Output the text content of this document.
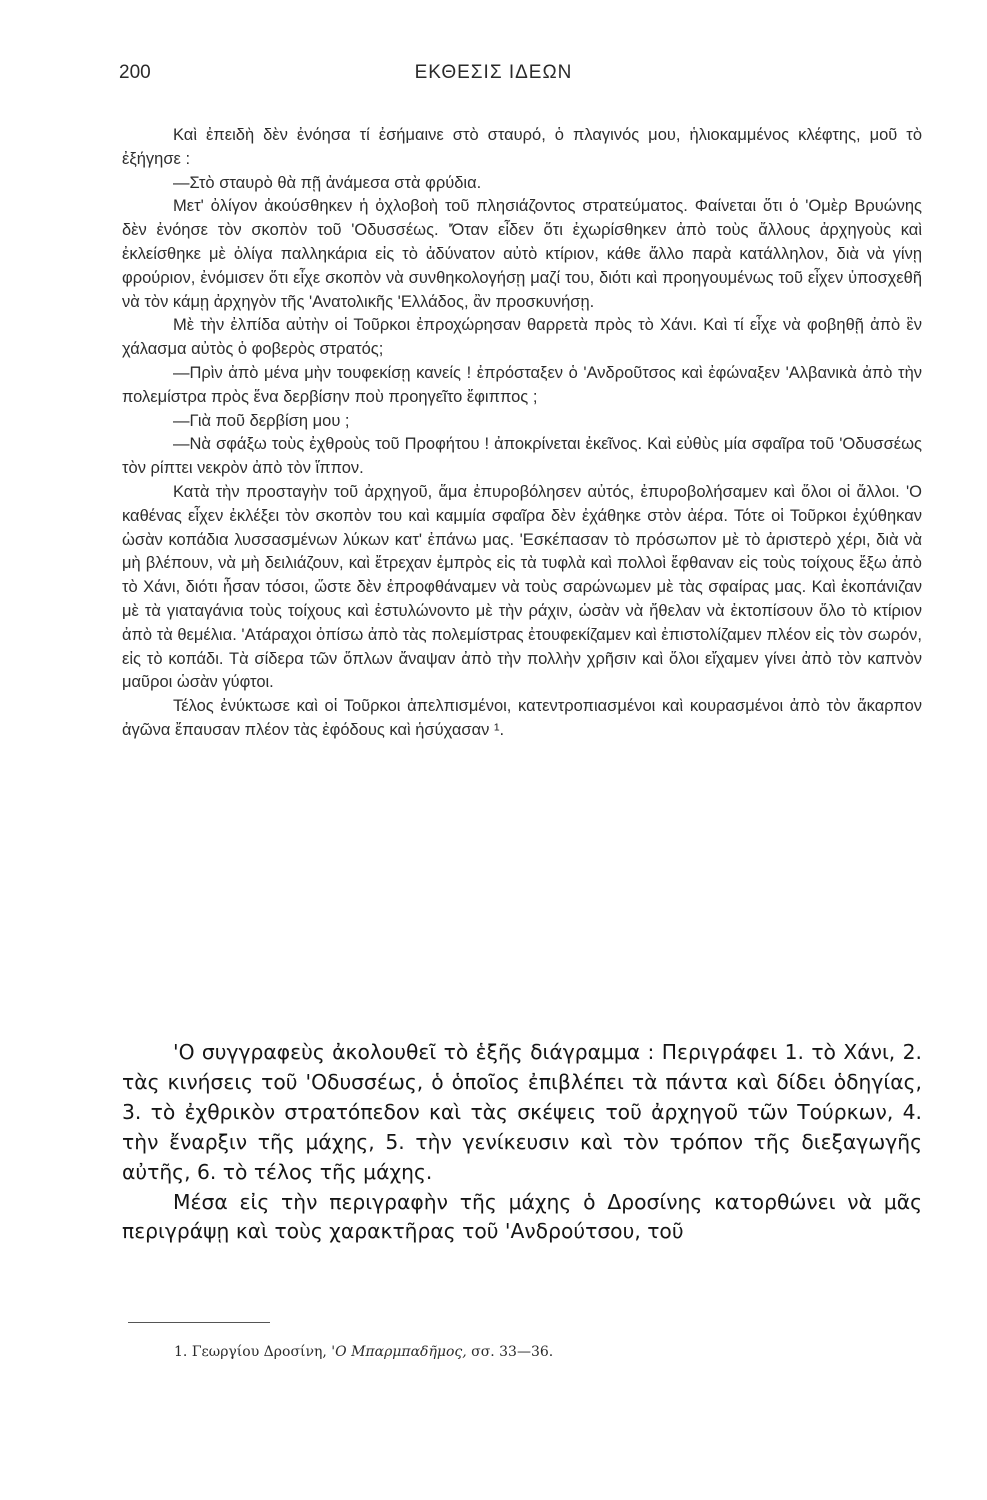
200	ΕΚΘΕΣΙΣ ΙΔΕΩΝ

Καὶ ἐπειδὴ δὲν ἐνόησα τί ἐσήμαινε στὸ σταυρό, ὁ πλαγινός μου, ἡλιοκαμμένος κλέφτης, μοῦ τὸ ἐξήγησε :

—Στὸ σταυρὸ θὰ πῇ ἀνάμεσα στὰ φρύδια.

Μετ' ὀλίγον ἀκούσθηκεν ἡ ὀχλοβοὴ τοῦ πλησιάζοντος στρατεύματος. Φαίνεται ὅτι ὁ 'Ομὲρ Βρυώνης δὲν ἐνόησε τὸν σκοπὸν τοῦ 'Οδυσσέως. 'Όταν εἶδεν ὅτι ἐχωρίσθηκεν ἀπὸ τοὺς ἄλλους ἀρχηγοὺς καὶ ἐκλείσθηκε μὲ ὀλίγα παλληκάρια εἰς τὸ ἀδύνατον αὐτὸ κτίριον, κάθε ἄλλο παρὰ κατάλληλον, διὰ νὰ γίνῃ φρούριον, ἐνόμισεν ὅτι εἶχε σκοπὸν νὰ συνθηκολογήσῃ μαζί του, διότι καὶ προηγουμένως τοῦ εἶχεν ὑποσχεθῆ νὰ τὸν κάμῃ ἀρχηγὸν τῆς 'Ανατολικῆς 'Ελλάδος, ἂν προσκυνήσῃ.

Μὲ τὴν ἐλπίδα αὐτὴν οἱ Τοῦρκοι ἐπροχώρησαν θαρρετὰ πρὸς τὸ Χάνι. Καὶ τί εἶχε νὰ φοβηθῇ ἀπὸ ἓν χάλασμα αὐτὸς ὁ φοβερὸς στρατός;

—Πρὶν ἀπὸ μένα μὴν τουφεκίσῃ κανείς ! ἐπρόσταξεν ὁ 'Ανδροῦτσος καὶ ἐφώναξεν 'Αλβανικὰ ἀπὸ τὴν πολεμίστρα πρὸς ἕνα δερβίσην ποὺ προηγεῖτο ἔφιππος ;

—Γιὰ ποῦ δερβίση μου ;

—Νὰ σφάξω τοὺς ἐχθροὺς τοῦ Προφήτου ! ἀποκρίνεται ἐκεῖνος. Καὶ εὐθὺς μία σφαῖρα τοῦ 'Οδυσσέως τὸν ρίπτει νεκρὸν ἀπὸ τὸν ἵππον.

Κατὰ τὴν προσταγὴν τοῦ ἀρχηγοῦ, ἅμα ἐπυροβόλησεν αὐτός, ἐπυροβολήσαμεν καὶ ὅλοι οἱ ἄλλοι. 'Ο καθένας εἶχεν ἐκλέξει τὸν σκοπὸν του καὶ καμμία σφαῖρα δὲν ἐχάθηκε στὸν ἀέρα. Τότε οἱ Τοῦρκοι ἐχύθηκαν ὡσὰν κοπάδια λυσσασμένων λύκων κατ' ἐπάνω μας. 'Εσκέπασαν τὸ πρόσωπον μὲ τὸ ἀριστερὸ χέρι, διὰ νὰ μὴ βλέπουν, νὰ μὴ δειλιάζουν, καὶ ἔτρεχαν ἐμπρὸς εἰς τὰ τυφλὰ καὶ πολλοὶ ἔφθαναν εἰς τοὺς τοίχους ἔξω ἀπὸ τὸ Χάνι, διότι ἦσαν τόσοι, ὥστε δὲν ἐπροφθάναμεν νὰ τοὺς σαρώνωμεν μὲ τὰς σφαίρας μας. Καὶ ἐκοπάνιζαν μὲ τὰ γιαταγάνια τοὺς τοίχους καὶ ἐστυλώνοντο μὲ τὴν ράχιν, ὡσὰν νὰ ἤθελαν νὰ ἐκτοπίσουν ὅλο τὸ κτίριον ἀπὸ τὰ θεμέλια. 'Ατάραχοι ὀπίσω ἀπὸ τὰς πολεμίστρας ἐτουφεκίζαμεν καὶ ἐπιστολίζαμεν πλέον εἰς τὸν σωρόν, εἰς τὸ κοπάδι. Τὰ σίδερα τῶν ὅπλων ἄναψαν ἀπὸ τὴν πολλὴν χρῆσιν καὶ ὅλοι εἴχαμεν γίνει ἀπὸ τὸν καπνὸν μαῦροι ὡσὰν γύφτοι.

Τέλος ἐνύκτωσε καὶ οἱ Τοῦρκοι ἀπελπισμένοι, κατεντροπιασμένοι καὶ κουρασμένοι ἀπὸ τὸν ἄκαρπον ἀγῶνα ἔπαυσαν πλέον τὰς ἐφόδους καὶ ἡσύχασαν ¹.

'Ο συγγραφεὺς ἀκολουθεῖ τὸ ἑξῆς διάγραμμα : Περιγράφει 1. τὸ Χάνι, 2. τὰς κινήσεις τοῦ 'Οδυσσέως, ὁ ὁποῖος ἐπιβλέπει τὰ πάντα καὶ δίδει ὁδηγίας, 3. τὸ ἐχθρικὸν στρατόπεδον καὶ τὰς σκέψεις τοῦ ἀρχηγοῦ τῶν Τούρκων, 4. τὴν ἔναρξιν τῆς μάχης, 5. τὴν γενίκευσιν καὶ τὸν τρόπον τῆς διεξαγωγῆς αὐτῆς, 6. τὸ τέλος τῆς μάχης.

Μέσα εἰς τὴν περιγραφὴν τῆς μάχης ὁ Δροσίνης κατορθώνει νὰ μᾶς περιγράψῃ καὶ τοὺς χαρακτῆρας τοῦ 'Ανδρούτσου, τοῦ

1. Γεωργίου Δροσίνη, 'Ο Μπαρμπαδῆμος, σσ. 33—36.
